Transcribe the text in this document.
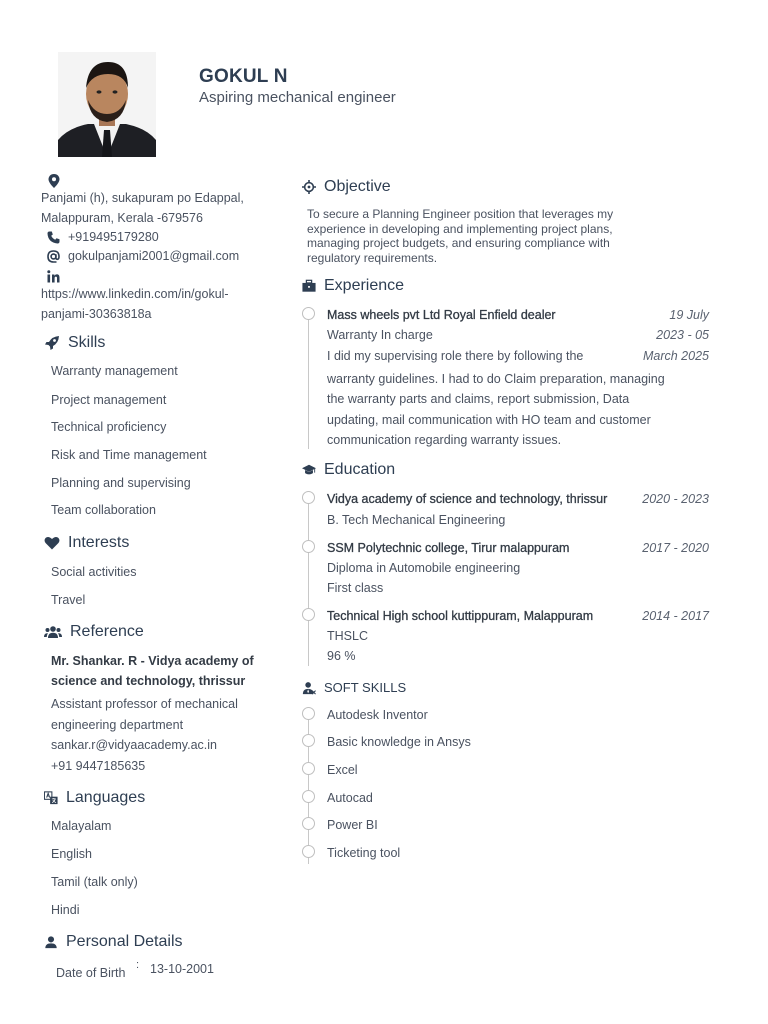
GOKUL N
Aspiring mechanical engineer
Panjami (h), sukapuram po Edappal,
Malappuram, Kerala -679576
+919495179280
gokulpanjami2001@gmail.com
https://www.linkedin.com/in/gokul-
panjami-30363818a
Skills
Warranty management
Project management
Technical proficiency
Risk and Time management
Planning and supervising
Team collaboration
Interests
Social activities
Travel
Reference
Mr. Shankar. R - Vidya academy of
science and technology, thrissur
Assistant professor of mechanical
engineering department
sankar.r@vidyaacademy.ac.in
+91 9447185635
Languages
Malayalam
English
Tamil (talk only)
Hindi
Personal Details
Date of Birth
: 13-10-2001
Objective
To secure a Planning Engineer position that leverages my
experience in developing and implementing project plans,
managing project budgets, and ensuring compliance with
regulatory requirements.
Experience
Mass wheels pvt Ltd Royal Enfield dealer	19 July
Warranty In charge	2023 - 05
I did my supervising role there by following the	March 2025
warranty guidelines. I had to do Claim preparation, managing
the warranty parts and claims, report submission, Data
updating, mail communication with HO team and customer
communication regarding warranty issues.
Education
Vidya academy of science and technology, thrissur	2020 - 2023
B. Tech Mechanical Engineering
SSM Polytechnic college, Tirur malappuram	2017 - 2020
Diploma in Automobile engineering
First class
Technical High school kuttippuram, Malappuram	2014 - 2017
THSLC
96 %
SOFT SKILLS
Autodesk Inventor
Basic knowledge in Ansys
Excel
Autocad
Power BI
Ticketing tool
